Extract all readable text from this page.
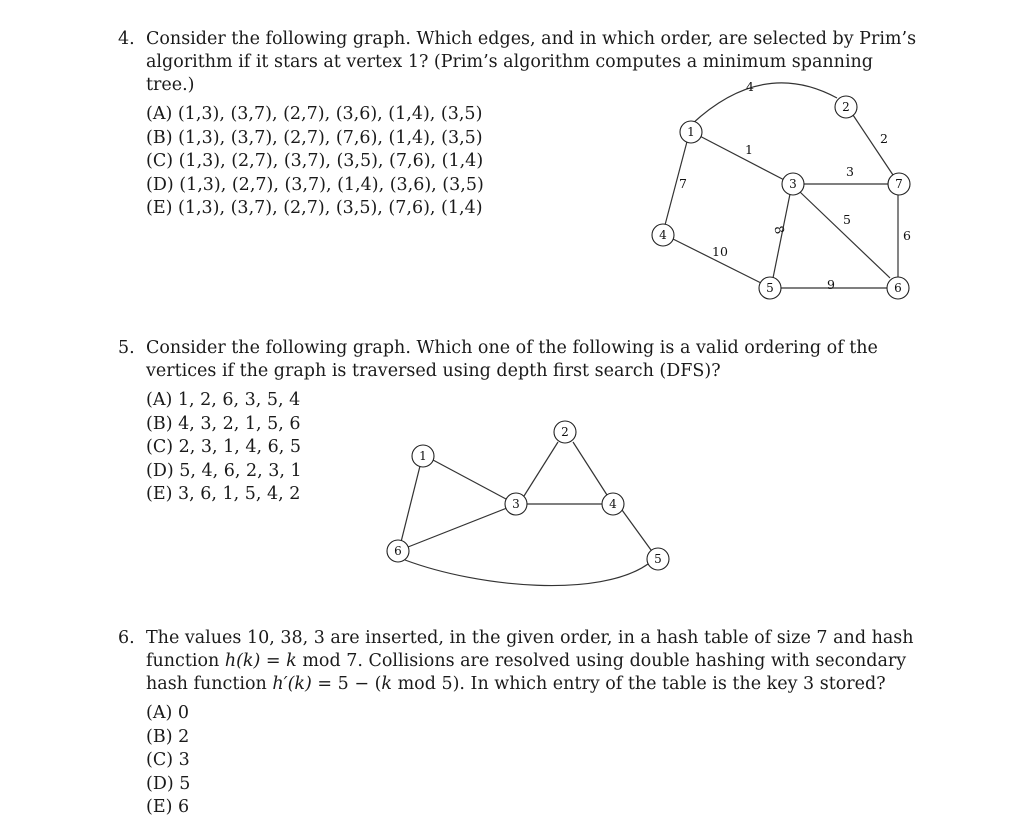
4. Consider the following graph. Which edges, and in which order, are selected by Prim’s algorithm if it stars at vertex 1? (Prim’s algorithm computes a minimum spanning tree.)

(A) (1,3), (3,7), (2,7), (3,6), (1,4), (3,5)
(B) (1,3), (3,7), (2,7), (7,6), (1,4), (3,5)
(C) (1,3), (2,7), (3,7), (3,5), (7,6), (1,4)
(D) (1,3), (2,7), (3,7), (1,4), (3,6), (3,5)
(E) (1,3), (3,7), (2,7), (3,5), (7,6), (1,4)
4
1
7
2
3
8
5
10
9
6
1
2
3
4
5	6
7

5. Consider the following graph. Which one of the following is a valid ordering of the vertices if the graph is traversed using depth first search (DFS)?

(A) 1, 2, 6, 3, 5, 4
(B) 4, 3, 2, 1, 5, 6
(C) 2, 3, 1, 4, 6, 5
(D) 5, 4, 6, 2, 3, 1
(E) 3, 6, 1, 5, 4, 2
1
2
3	4
5
6

6. The values 10, 38, 3 are inserted, in the given order, in a hash table of size 7 and hash function h(k) = k mod 7. Collisions are resolved using double hashing with secondary hash function h′(k) = 5 − (k mod 5). In which entry of the table is the key 3 stored?

(A) 0
(B) 2
(C) 3
(D) 5
(E) 6
